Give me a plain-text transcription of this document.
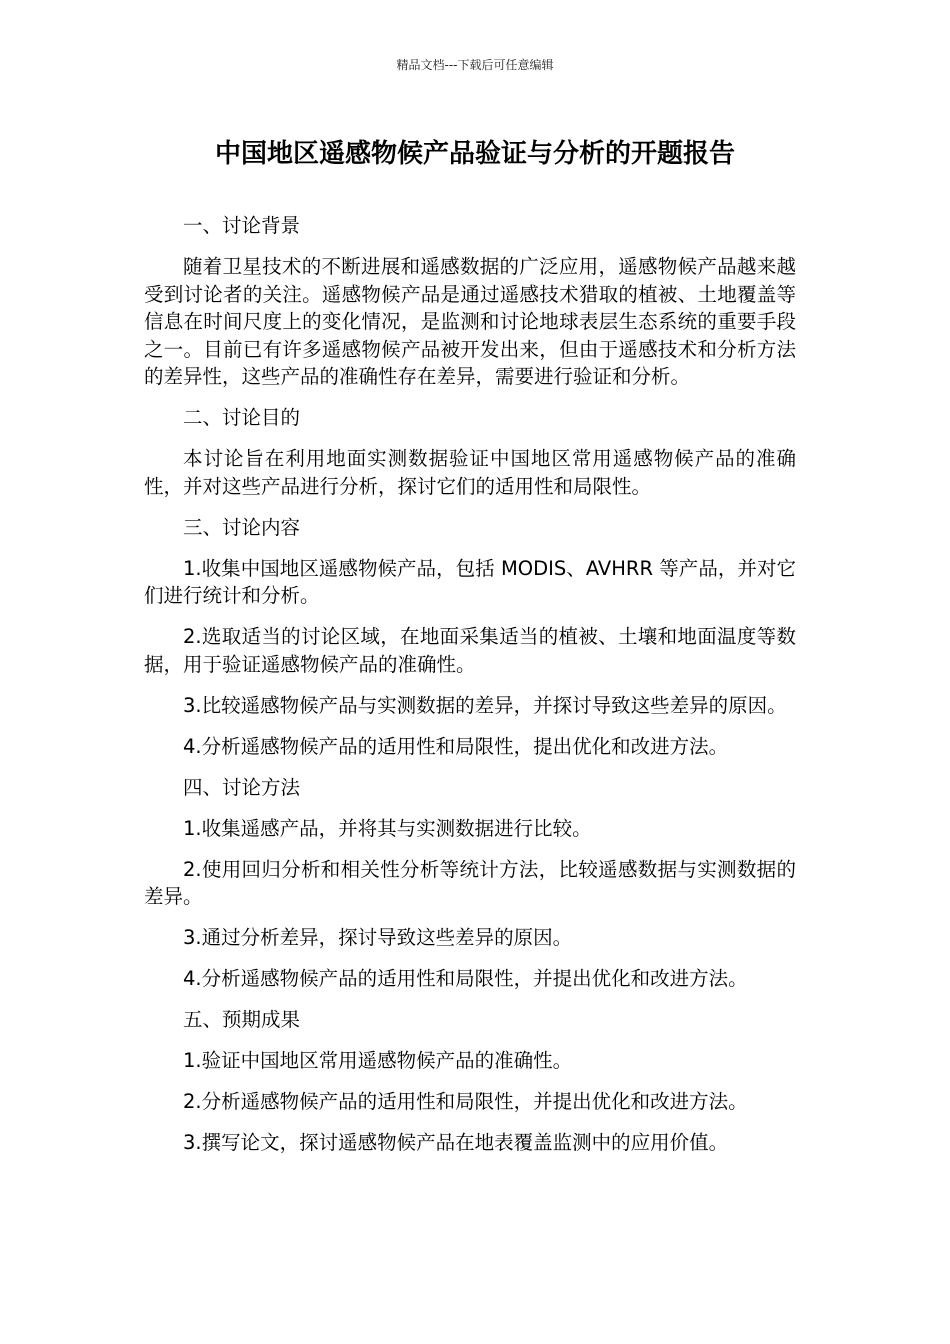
精品文档---下载后可任意编辑
中国地区遥感物候产品验证与分析的开题报告

一、讨论背景

随着卫星技术的不断进展和遥感数据的广泛应用，遥感物候产品越来越受到讨论者的关注。遥感物候产品是通过遥感技术猎取的植被、土地覆盖等信息在时间尺度上的变化情况，是监测和讨论地球表层生态系统的重要手段之一。目前已有许多遥感物候产品被开发出来，但由于遥感技术和分析方法的差异性，这些产品的准确性存在差异，需要进行验证和分析。

二、讨论目的

本讨论旨在利用地面实测数据验证中国地区常用遥感物候产品的准确性，并对这些产品进行分析，探讨它们的适用性和局限性。

三、讨论内容

1.收集中国地区遥感物候产品，包括 MODIS、AVHRR 等产品，并对它们进行统计和分析。

2.选取适当的讨论区域，在地面采集适当的植被、土壤和地面温度等数据，用于验证遥感物候产品的准确性。

3.比较遥感物候产品与实测数据的差异，并探讨导致这些差异的原因。

4.分析遥感物候产品的适用性和局限性，提出优化和改进方法。

四、讨论方法

1.收集遥感产品，并将其与实测数据进行比较。

2.使用回归分析和相关性分析等统计方法，比较遥感数据与实测数据的差异。

3.通过分析差异，探讨导致这些差异的原因。

4.分析遥感物候产品的适用性和局限性，并提出优化和改进方法。

五、预期成果

1.验证中国地区常用遥感物候产品的准确性。

2.分析遥感物候产品的适用性和局限性，并提出优化和改进方法。

3.撰写论文，探讨遥感物候产品在地表覆盖监测中的应用价值。
